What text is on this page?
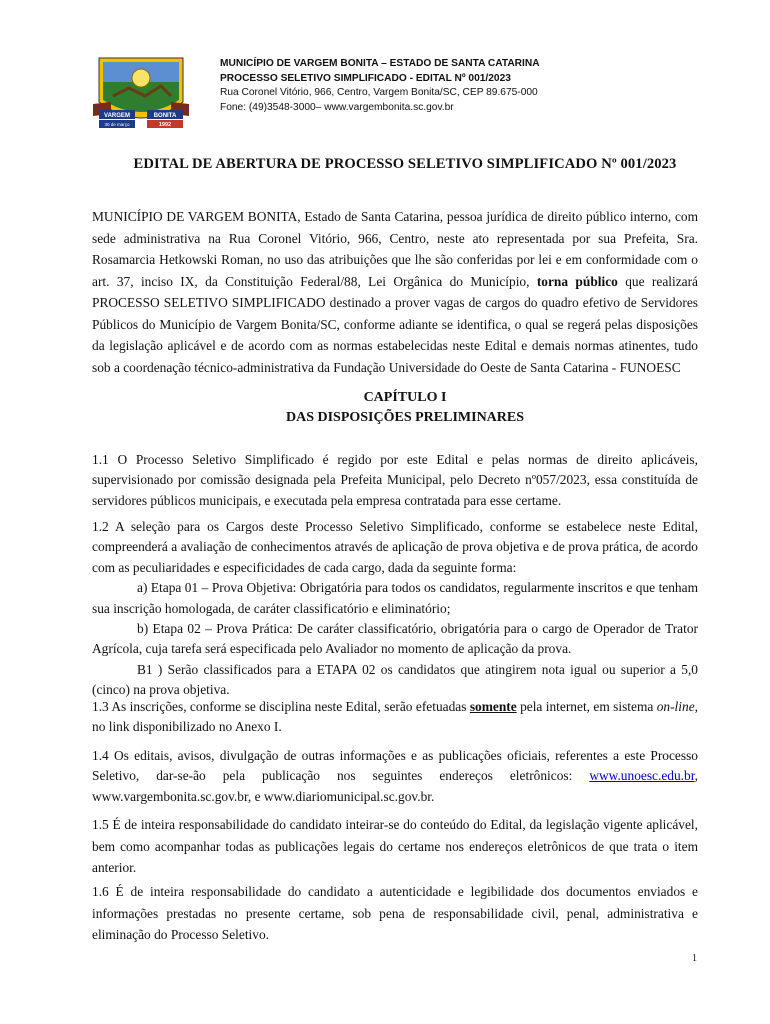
VARGEM	BONITA
30 de março	1992
MUNICÍPIO DE VARGEM BONITA – ESTADO DE SANTA CATARINA
PROCESSO SELETIVO SIMPLIFICADO - EDITAL Nº 001/2023
Rua Coronel Vitório, 966, Centro, Vargem Bonita/SC, CEP 89.675-000
Fone: (49)3548-3000– www.vargembonita.sc.gov.br
EDITAL DE ABERTURA DE PROCESSO SELETIVO SIMPLIFICADO Nº 001/2023
MUNICÍPIO DE VARGEM BONITA, Estado de Santa Catarina, pessoa jurídica de direito público interno, com sede administrativa na Rua Coronel Vitório, 966, Centro, neste ato representada por sua Prefeita, Sra. Rosamarcia Hetkowski Roman, no uso das atribuições que lhe são conferidas por lei e em conformidade com o art. 37, inciso IX, da Constituição Federal/88, Lei Orgânica do Município, torna público que realizará PROCESSO SELETIVO SIMPLIFICADO destinado a prover vagas de cargos do quadro efetivo de Servidores Públicos do Município de Vargem Bonita/SC, conforme adiante se identifica, o qual se regerá pelas disposições da legislação aplicável e de acordo com as normas estabelecidas neste Edital e demais normas atinentes, tudo sob a coordenação técnico-administrativa da Fundação Universidade do Oeste de Santa Catarina - FUNOESC
CAPÍTULO I
DAS DISPOSIÇÕES PRELIMINARES
1.1 O Processo Seletivo Simplificado é regido por este Edital e pelas normas de direito aplicáveis, supervisionado por comissão designada pela Prefeita Municipal, pelo Decreto nº057/2023, essa constituída de servidores públicos municipais, e executada pela empresa contratada para esse certame.
1.2 A seleção para os Cargos deste Processo Seletivo Simplificado, conforme se estabelece neste Edital, compreenderá a avaliação de conhecimentos através de aplicação de prova objetiva e de prova prática, de acordo com as peculiaridades e especificidades de cada cargo, dada da seguinte forma:
a) Etapa 01 – Prova Objetiva: Obrigatória para todos os candidatos, regularmente inscritos e que tenham sua inscrição homologada, de caráter classificatório e eliminatório;
b) Etapa 02 – Prova Prática: De caráter classificatório, obrigatória para o cargo de Operador de Trator Agrícola, cuja tarefa será especificada pelo Avaliador no momento de aplicação da prova.
B1 ) Serão classificados para a ETAPA 02 os candidatos que atingirem nota igual ou superior a 5,0 (cinco) na prova objetiva.
1.3 As inscrições, conforme se disciplina neste Edital, serão efetuadas somente pela internet, em sistema on-line, no link disponibilizado no Anexo I.
1.4 Os editais, avisos, divulgação de outras informações e as publicações oficiais, referentes a este Processo Seletivo, dar-se-ão pela publicação nos seguintes endereços eletrônicos: www.unoesc.edu.br, www.vargembonita.sc.gov.br, e www.diariomunicipal.sc.gov.br.
1.5 É de inteira responsabilidade do candidato inteirar-se do conteúdo do Edital, da legislação vigente aplicável, bem como acompanhar todas as publicações legais do certame nos endereços eletrônicos de que trata o item anterior.
1.6 É de inteira responsabilidade do candidato a autenticidade e legibilidade dos documentos enviados e informações prestadas no presente certame, sob pena de responsabilidade civil, penal, administrativa e eliminação do Processo Seletivo.
1
